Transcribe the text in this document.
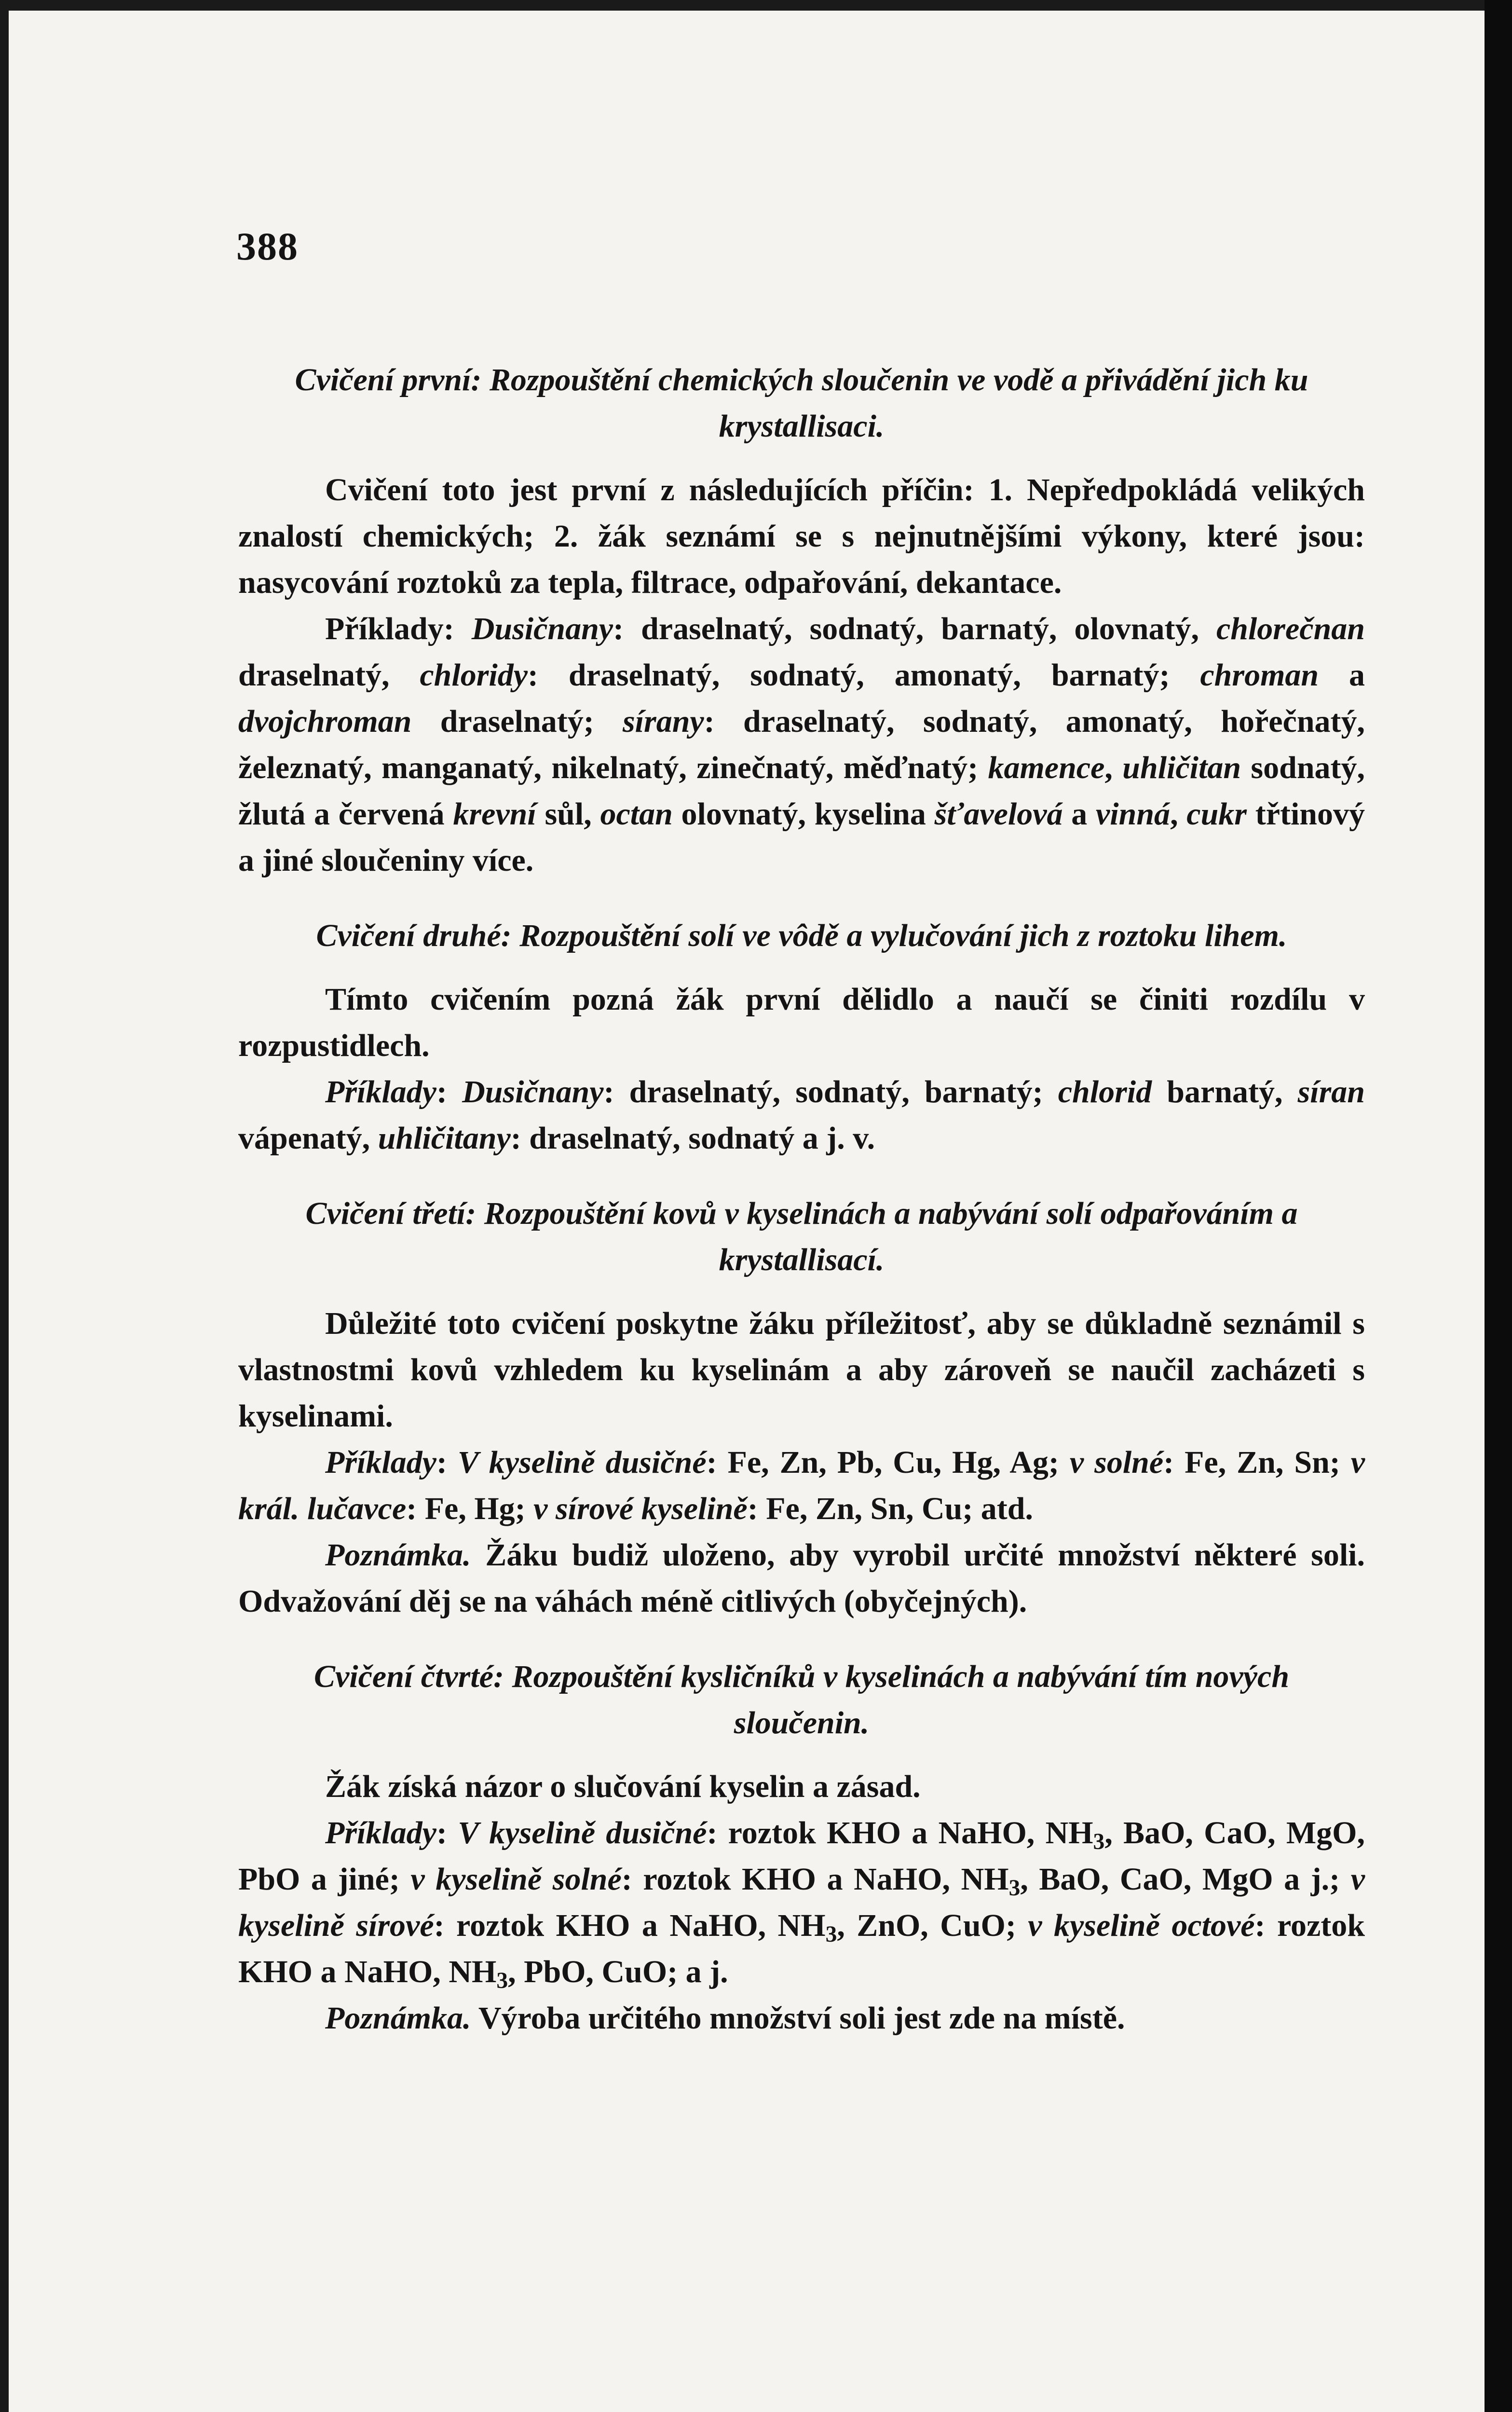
388
Cvičení první: Rozpouštění chemických sloučenin ve vodě a přivádění jich ku krystallisaci.

Cvičení toto jest první z následujících příčin: 1. Nepředpokládá velikých znalostí chemických; 2. žák seznámí se s nejnutnějšími výkony, které jsou: nasycování roztoků za tepla, filtrace, odpařování, dekantace.

Příklady: Dusičnany: draselnatý, sodnatý, barnatý, olovnatý, chlorečnan draselnatý, chloridy: draselnatý, sodnatý, amonatý, barnatý; chroman a dvojchroman draselnatý; sírany: draselnatý, sodnatý, amonatý, hořečnatý, železnatý, manganatý, nikelnatý, zinečnatý, měďnatý; kamence, uhličitan sodnatý, žlutá a červená krevní sůl, octan olovnatý, kyselina šťavelová a vinná, cukr třtinový a jiné sloučeniny více.

Cvičení druhé: Rozpouštění solí ve vôdě a vylučování jich z roztoku lihem.

Tímto cvičením pozná žák první dělidlo a naučí se činiti rozdílu v rozpustidlech.

Příklady: Dusičnany: draselnatý, sodnatý, barnatý; chlorid barnatý, síran vápenatý, uhličitany: draselnatý, sodnatý a j. v.

Cvičení třetí: Rozpouštění kovů v kyselinách a nabývání solí odpařováním a krystallisací.

Důležité toto cvičení poskytne žáku příležitosť, aby se důkladně seznámil s vlastnostmi kovů vzhledem ku kyselinám a aby zároveň se naučil zacházeti s kyselinami.

Příklady: V kyselině dusičné: Fe, Zn, Pb, Cu, Hg, Ag; v solné: Fe, Zn, Sn; v král. lučavce: Fe, Hg; v sírové kyselině: Fe, Zn, Sn, Cu; atd.

Poznámka. Žáku budiž uloženo, aby vyrobil určité množství některé soli. Odvažování děj se na váhách méně citlivých (obyčejných).

Cvičení čtvrté: Rozpouštění kysličníků v kyselinách a nabývání tím nových sloučenin.

Žák získá názor o slučování kyselin a zásad.

Příklady: V kyselině dusičné: roztok KHO a NaHO, $NH_3$, BaO, CaO, MgO, PbO a jiné; v kyselině solné: roztok KHO a NaHO, $NH_3$, BaO, CaO, MgO a j.; v kyselině sírové: roztok KHO a NaHO, $NH_3$, ZnO, CuO; v kyselině octové: roztok KHO a NaHO, $NH_3$, PbO, CuO; a j.

Poznámka. Výroba určitého množství soli jest zde na místě.
